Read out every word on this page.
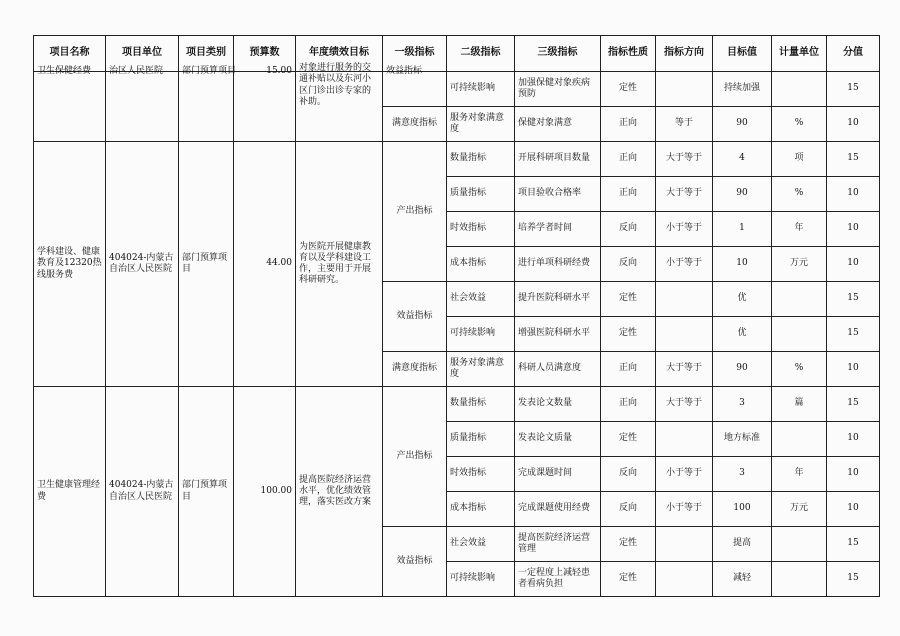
项目名称	项目单位	项目类别	预算数	年度绩效目标	一级指标	二级指标	三级指标	指标性质	指标方向	目标值	计量单位	分值

卫生保健经费	治区人民医院	部门预算项目	15.00	对象进行服务的交通补贴以及东河小区门诊出诊专家的补助。	效益指标	可持续影响	加强保健对象疾病预防	定性		持续加强		15
					满意度指标	服务对象满意度	保健对象满意	正向	等于	90	%	10
学科建设、健康教育及12320热线服务费	404024-内蒙古自治区人民医院	部门预算项目	44.00	为医院开展健康教育以及学科建设工作，主要用于开展科研研究。	产出指标	数量指标	开展科研项目数量	正向	大于等于	4	项	15
						质量指标	项目验收合格率	正向	大于等于	90	%	10
						时效指标	培养学者时间	反向	小于等于	1	年	10
						成本指标	进行单项科研经费	反向	小于等于	10	万元	10
					效益指标	社会效益	提升医院科研水平	定性		优		15
						可持续影响	增强医院科研水平	定性		优		15
					满意度指标	服务对象满意度	科研人员满意度	正向	大于等于	90	%	10
卫生健康管理经费	404024-内蒙古自治区人民医院	部门预算项目	100.00	提高医院经济运营水平，优化绩效管理，落实医改方案	产出指标	数量指标	发表论文数量	正向	大于等于	3	篇	15
						质量指标	发表论文质量	定性		地方标准		10
						时效指标	完成课题时间	反向	小于等于	3	年	10
						成本指标	完成课题使用经费	反向	小于等于	100	万元	10
					效益指标	社会效益	提高医院经济运营管理	定性		提高		15
						可持续影响	一定程度上减轻患者看病负担	定性		减轻		15
